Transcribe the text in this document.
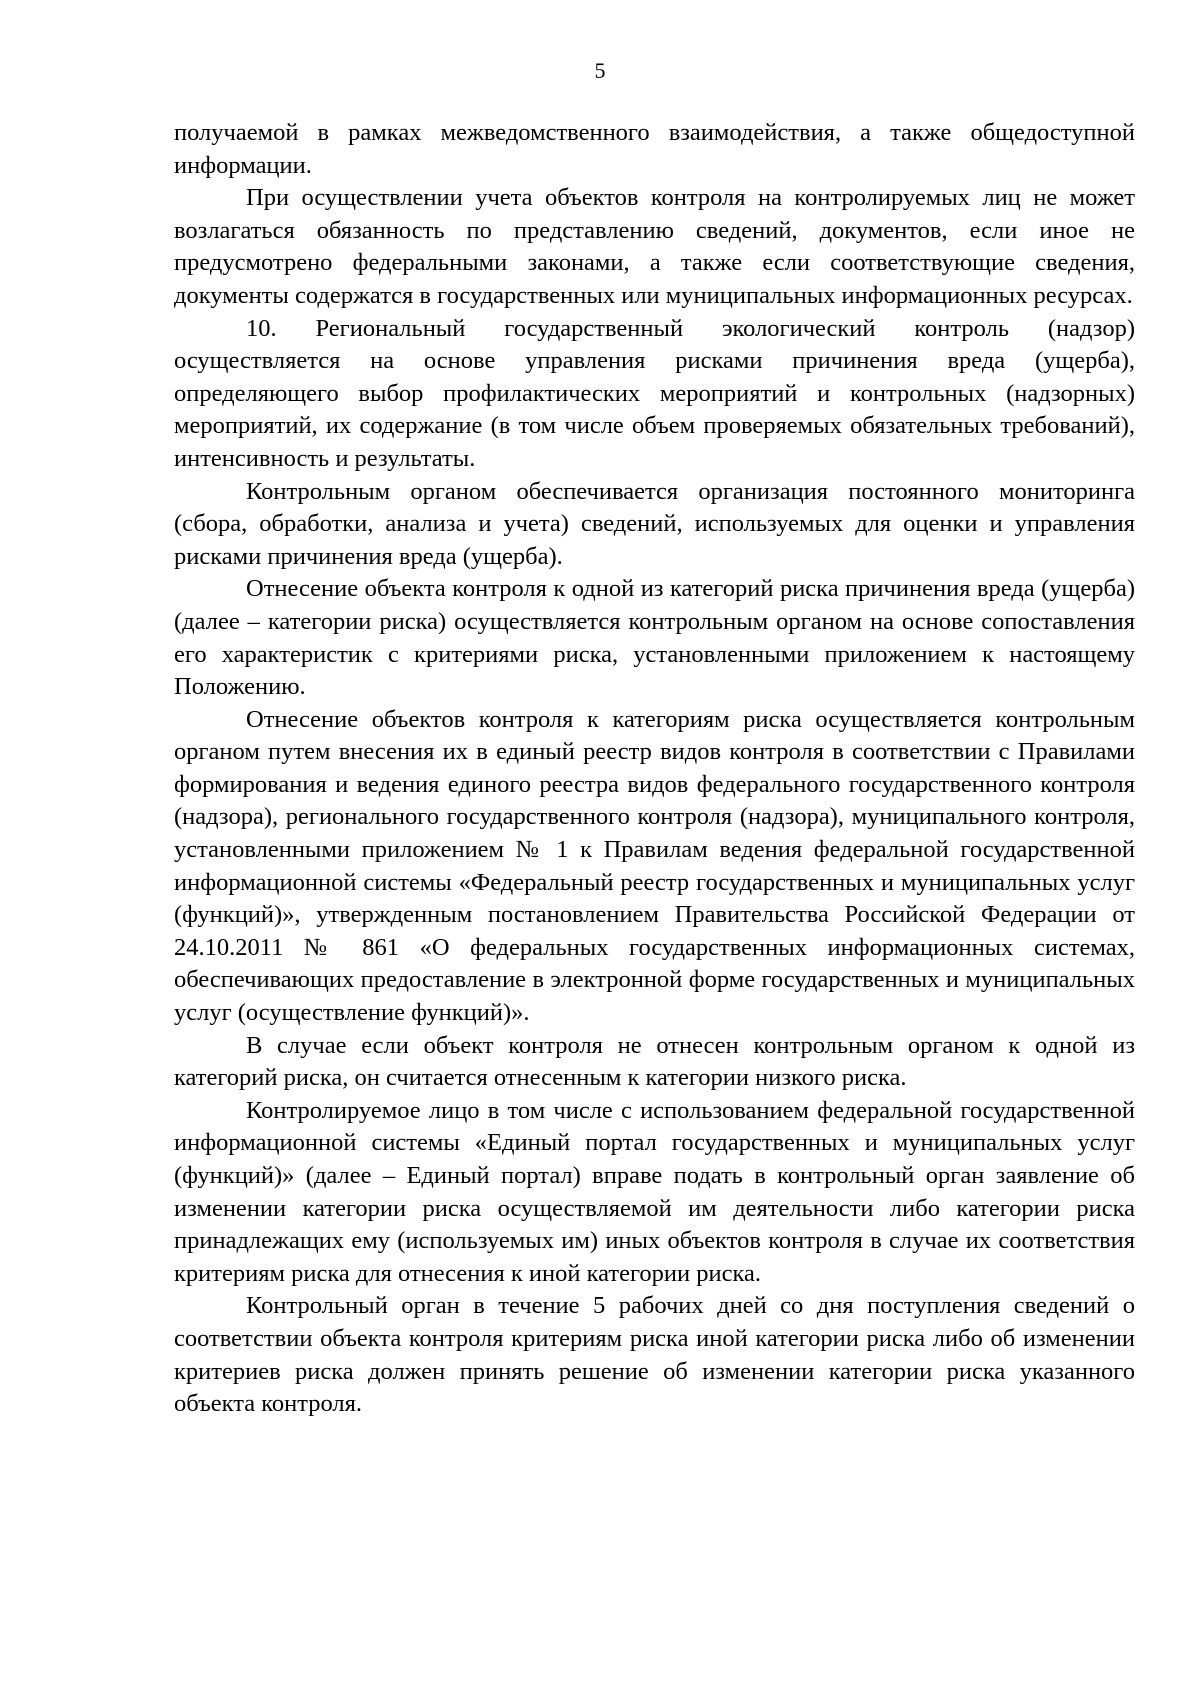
5

получаемой в рамках межведомственного взаимодействия, а также общедоступной информации.

При осуществлении учета объектов контроля на контролируемых лиц не может возлагаться обязанность по представлению сведений, документов, если иное не предусмотрено федеральными законами, а также если соответствующие сведения, документы содержатся в государственных или муниципальных информационных ресурсах.

10. Региональный государственный экологический контроль (надзор) осуществляется на основе управления рисками причинения вреда (ущерба), определяющего выбор профилактических мероприятий и контрольных (надзорных) мероприятий, их содержание (в том числе объем проверяемых обязательных требований), интенсивность и результаты.

Контрольным органом обеспечивается организация постоянного мониторинга (сбора, обработки, анализа и учета) сведений, используемых для оценки и управления рисками причинения вреда (ущерба).

Отнесение объекта контроля к одной из категорий риска причинения вреда (ущерба) (далее – категории риска) осуществляется контрольным органом на основе сопоставления его характеристик с критериями риска, установленными приложением к настоящему Положению.

Отнесение объектов контроля к категориям риска осуществляется контрольным органом путем внесения их в единый реестр видов контроля в соответствии с Правилами формирования и ведения единого реестра видов федерального государственного контроля (надзора), регионального государственного контроля (надзора), муниципального контроля, установленными приложением № 1 к Правилам ведения федеральной государственной информационной системы «Федеральный реестр государственных и муниципальных услуг (функций)», утвержденным постановлением Правительства Российской Федерации от 24.10.2011 № 861 «О федеральных государственных информационных системах, обеспечивающих предоставление в электронной форме государственных и муниципальных услуг (осуществление функций)».

В случае если объект контроля не отнесен контрольным органом к одной из категорий риска, он считается отнесенным к категории низкого риска.

Контролируемое лицо в том числе с использованием федеральной государственной информационной системы «Единый портал государственных и муниципальных услуг (функций)» (далее – Единый портал) вправе подать в контрольный орган заявление об изменении категории риска осуществляемой им деятельности либо категории риска принадлежащих ему (используемых им) иных объектов контроля в случае их соответствия критериям риска для отнесения к иной категории риска.

Контрольный орган в течение 5 рабочих дней со дня поступления сведений о соответствии объекта контроля критериям риска иной категории риска либо об изменении критериев риска должен принять решение об изменении категории риска указанного объекта контроля.
